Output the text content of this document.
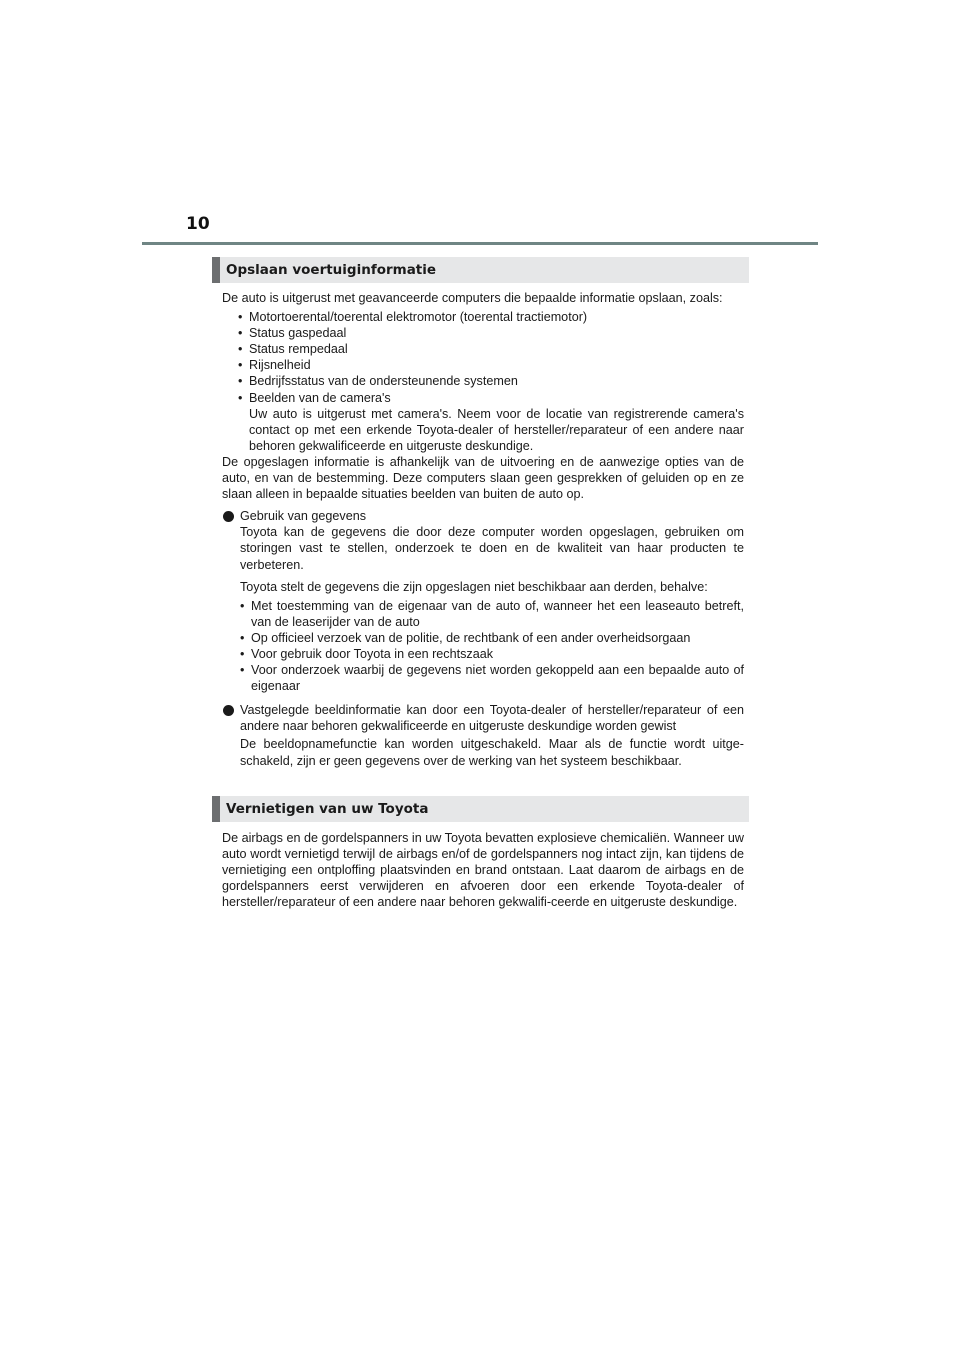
10
Opslaan voertuiginformatie

De auto is uitgerust met geavanceerde computers die bepaalde informatie opslaan, zoals:

• Motortoerental/toerental elektromotor (toerental tractiemotor)
• Status gaspedaal
• Status rempedaal
• Rijsnelheid
• Bedrijfsstatus van de ondersteunende systemen
• Beelden van de camera's
Uw auto is uitgerust met camera's. Neem voor de locatie van registrerende camera's contact op met een erkende Toyota-dealer of hersteller/reparateur of een andere naar behoren gekwalificeerde en uitgeruste deskundige.

De opgeslagen informatie is afhankelijk van de uitvoering en de aanwezige opties van de auto, en van de bestemming. Deze computers slaan geen gesprekken of geluiden op en ze slaan alleen in bepaalde situaties beelden van buiten de auto op.

Gebruik van gegevens

Toyota kan de gegevens die door deze computer worden opgeslagen, gebruiken om storingen vast te stellen, onderzoek te doen en de kwaliteit van haar producten te verbeteren.

Toyota stelt de gegevens die zijn opgeslagen niet beschikbaar aan derden, behalve:

• Met toestemming van de eigenaar van de auto of, wanneer het een leaseauto betreft, van de leaserijder van de auto
• Op officieel verzoek van de politie, de rechtbank of een ander overheidsorgaan
• Voor gebruik door Toyota in een rechtszaak
• Voor onderzoek waarbij de gegevens niet worden gekoppeld aan een bepaalde auto of eigenaar

Vastgelegde beeldinformatie kan door een Toyota-dealer of hersteller/reparateur of een andere naar behoren gekwalificeerde en uitgeruste deskundige worden gewist

De beeldopnamefunctie kan worden uitgeschakeld. Maar als de functie wordt uitge-schakeld, zijn er geen gegevens over de werking van het systeem beschikbaar.

Vernietigen van uw Toyota

De airbags en de gordelspanners in uw Toyota bevatten explosieve chemicaliën. Wanneer uw auto wordt vernietigd terwijl de airbags en/of de gordelspanners nog intact zijn, kan tijdens de vernietiging een ontploffing plaatsvinden en brand ontstaan. Laat daarom de airbags en de gordelspanners eerst verwijderen en afvoeren door een erkende Toyota-dealer of hersteller/reparateur of een andere naar behoren gekwalifi-ceerde en uitgeruste deskundige.
